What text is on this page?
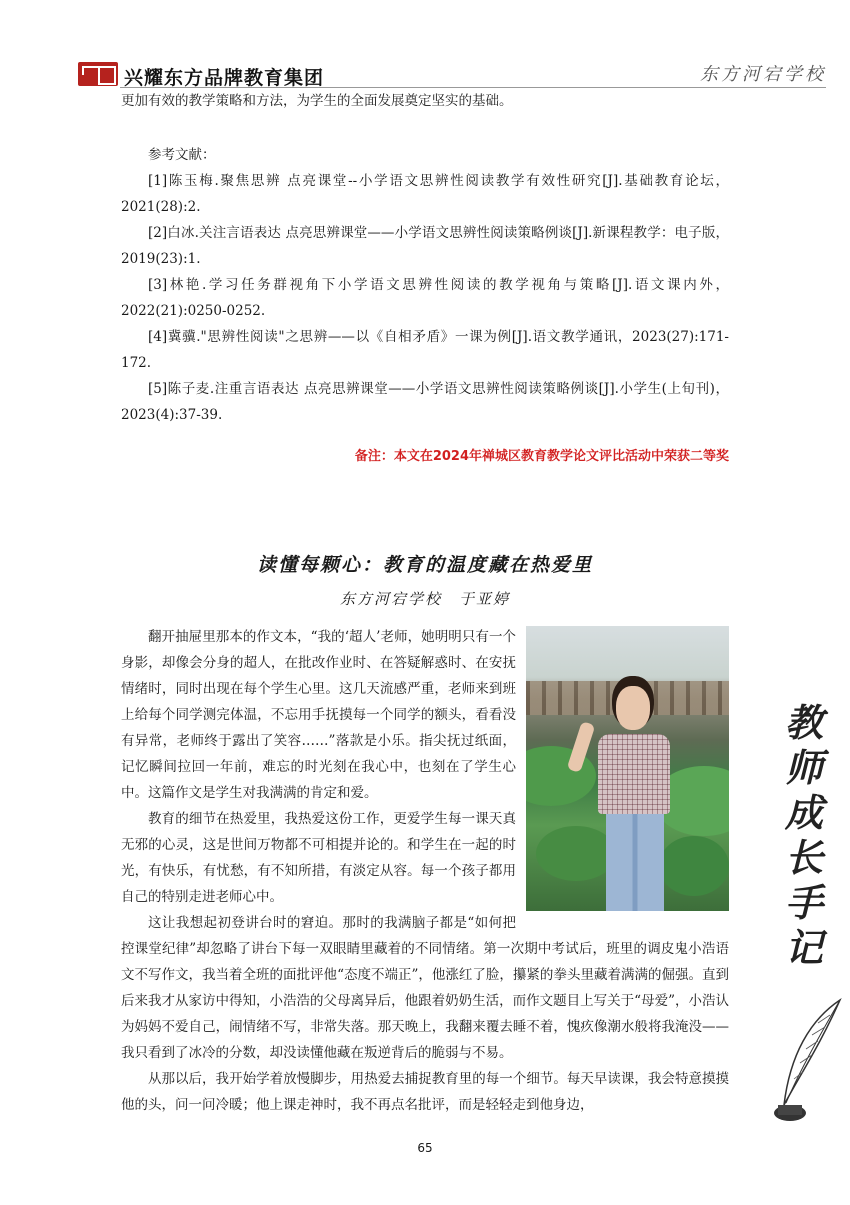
兴耀东方品牌教育集团	东方河宕学校

更加有效的教学策略和方法，为学生的全面发展奠定坚实的基础。

参考文献：

[1]陈玉梅.聚焦思辨 点亮课堂--小学语文思辨性阅读教学有效性研究[J].基础教育论坛，2021(28):2.

[2]白冰.关注言语表达 点亮思辨课堂——小学语文思辨性阅读策略例谈[J].新课程教学：电子版，2019(23):1.

[3]林艳.学习任务群视角下小学语文思辨性阅读的教学视角与策略[J].语文课内外，2022(21):0250-0252.

[4]冀骥."思辨性阅读"之思辨——以《自相矛盾》一课为例[J].语文教学通讯，2023(27):171-172.

[5]陈子麦.注重言语表达 点亮思辨课堂——小学语文思辨性阅读策略例谈[J].小学生(上旬刊)，2023(4):37-39.

备注：本文在2024年禅城区教育教学论文评比活动中荣获二等奖

读懂每颗心：教育的温度藏在热爱里
东方河宕学校　于亚婷

翻开抽屉里那本的作文本，“我的‘超人’老师，她明明只有一个身影，却像会分身的超人，在批改作业时、在答疑解惑时、在安抚情绪时，同时出现在每个学生心里。这几天流感严重，老师来到班上给每个同学测完体温，不忘用手抚摸每一个同学的额头，看看没有异常，老师终于露出了笑容……”落款是小乐。指尖抚过纸面，记忆瞬间拉回一年前，难忘的时光刻在我心中，也刻在了学生心中。这篇作文是学生对我满满的肯定和爱。

教育的细节在热爱里，我热爱这份工作，更爱学生每一课天真无邪的心灵，这是世间万物都不可相提并论的。和学生在一起的时光，有快乐，有忧愁，有不知所措，有淡定从容。每一个孩子都用自己的特别走进老师心中。

这让我想起初登讲台时的窘迫。那时的我满脑子都是“如何把控课堂纪律”却忽略了讲台下每一双眼睛里藏着的不同情绪。第一次期中考试后，班里的调皮鬼小浩语文不写作文，我当着全班的面批评他“态度不端正”，他涨红了脸，攥紧的拳头里藏着满满的倔强。直到后来我才从家访中得知，小浩浩的父母离异后，他跟着奶奶生活，而作文题目上写关于“母爱”，小浩认为妈妈不爱自己，闹情绪不写，非常失落。那天晚上，我翻来覆去睡不着，愧疚像潮水般将我淹没——我只看到了冰冷的分数，却没读懂他藏在叛逆背后的脆弱与不易。

从那以后，我开始学着放慢脚步，用热爱去捕捉教育里的每一个细节。每天早读课，我会特意摸摸他的头，问一问冷暖；他上课走神时，我不再点名批评，而是轻轻走到他身边，

教
师
成
长
手
记
65
